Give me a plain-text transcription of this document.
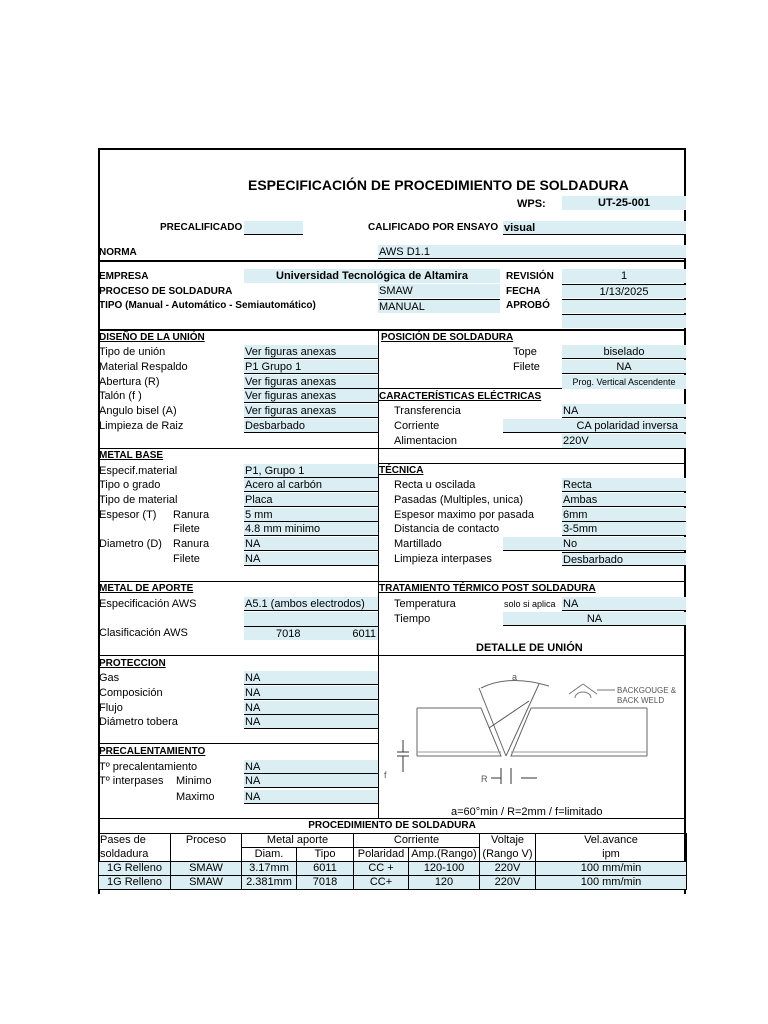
ESPECIFICACIÓN DE PROCEDIMIENTO DE SOLDADURA
WPS:	UT-25-001
PRECALIFICADO	CALIFICADO POR ENSAYO visual
NORMA	AWS D1.1
EMPRESA	Universidad Tecnológica de Altamira	REVISIÓN	1
PROCESO DE SOLDADURA	SMAW	FECHA	1/13/2025
TIPO (Manual - Automático - Semiautomático)	MANUAL	APROBÓ
DISEÑO DE LA UNIÓN
Tipo de unión	Ver figuras anexas
Material Respaldo	P1 Grupo 1
Abertura (R)	Ver figuras anexas
Talón (f )	Ver figuras anexas
Angulo bisel (A)	Ver figuras anexas
Limpieza de Raiz	Desbarbado
POSICIÓN DE SOLDADURA
Tope	biselado
Filete	NA
Prog. Vertical Ascendente
CARACTERÍSTICAS ELÉCTRICAS
Transferencia	NA
Corriente	CA polaridad inversa
Alimentacion	220V
METAL BASE
Especif.material	P1, Grupo 1
Tipo o grado	Acero al carbón
Tipo de material	Placa
Espesor (T) Ranura	5 mm
Filete	4.8 mm minimo
Diametro (D) Ranura	NA
Filete	NA
TÉCNICA
Recta u oscilada	Recta
Pasadas (Multiples, unica)	Ambas
Espesor maximo por pasada	6mm
Distancia de contacto	3-5mm
Martillado	No
Limpieza interpases	Desbarbado
METAL DE APORTE
Especificación AWS	A5.1 (ambos electrodos)
Clasificación AWS	7018	6011
TRATAMIENTO TÉRMICO POST SOLDADURA
Temperatura	solo si aplica NA
Tiempo	NA
DETALLE DE UNIÓN
a
BACKGOUGE &
BACK WELD
f	R
a=60°min / R=2mm / f=limitado
PROTECCION
Gas	NA
Composición	NA
Flujo	NA
Diámetro tobera	NA
PRECALENTAMIENTO
Tº precalentamiento	NA
Tº interpases Minimo	NA
Maximo	NA
PROCEDIMIENTO DE SOLDADURA
Pases de	Proceso	Metal aporte		Corriente		Voltaje	Vel.avance
soldadura		Diam.	Tipo	Polaridad	Amp.(Rango)	(Rango V)	ipm
1G Relleno	SMAW	3.17mm	6011	CC +	120-100	220V	100 mm/min
1G Relleno	SMAW	2.381mm	7018	CC+	120	220V	100 mm/min
